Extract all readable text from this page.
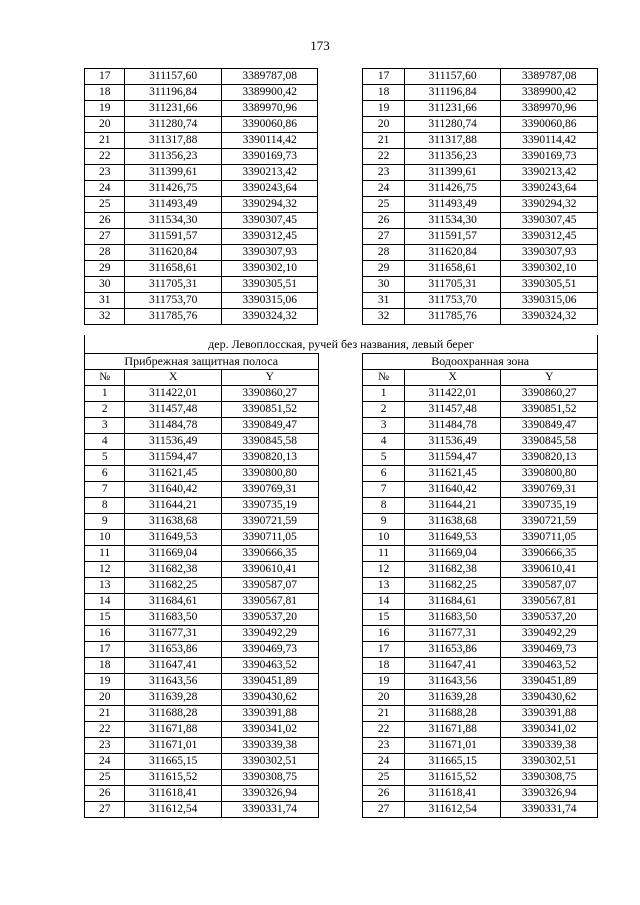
173
17	311157,60	3389787,08		17	311157,60	3389787,08
18	311196,84	3389900,42		18	311196,84	3389900,42
19	311231,66	3389970,96		19	311231,66	3389970,96
20	311280,74	3390060,86		20	311280,74	3390060,86
21	311317,88	3390114,42		21	311317,88	3390114,42
22	311356,23	3390169,73		22	311356,23	3390169,73
23	311399,61	3390213,42		23	311399,61	3390213,42
24	311426,75	3390243,64		24	311426,75	3390243,64
25	311493,49	3390294,32		25	311493,49	3390294,32
26	311534,30	3390307,45		26	311534,30	3390307,45
27	311591,57	3390312,45		27	311591,57	3390312,45
28	311620,84	3390307,93		28	311620,84	3390307,93
29	311658,61	3390302,10		29	311658,61	3390302,10
30	311705,31	3390305,51		30	311705,31	3390305,51
31	311753,70	3390315,06		31	311753,70	3390315,06
32	311785,76	3390324,32		32	311785,76	3390324,32
дер. Левоплосская, ручей без названия, левый берег
Прибрежная защитная полоса				Водоохранная зона		
№	X	Y		№	X	Y
1	311422,01	3390860,27		1	311422,01	3390860,27
2	311457,48	3390851,52		2	311457,48	3390851,52
3	311484,78	3390849,47		3	311484,78	3390849,47
4	311536,49	3390845,58		4	311536,49	3390845,58
5	311594,47	3390820,13		5	311594,47	3390820,13
6	311621,45	3390800,80		6	311621,45	3390800,80
7	311640,42	3390769,31		7	311640,42	3390769,31
8	311644,21	3390735,19		8	311644,21	3390735,19
9	311638,68	3390721,59		9	311638,68	3390721,59
10	311649,53	3390711,05		10	311649,53	3390711,05
11	311669,04	3390666,35		11	311669,04	3390666,35
12	311682,38	3390610,41		12	311682,38	3390610,41
13	311682,25	3390587,07		13	311682,25	3390587,07
14	311684,61	3390567,81		14	311684,61	3390567,81
15	311683,50	3390537,20		15	311683,50	3390537,20
16	311677,31	3390492,29		16	311677,31	3390492,29
17	311653,86	3390469,73		17	311653,86	3390469,73
18	311647,41	3390463,52		18	311647,41	3390463,52
19	311643,56	3390451,89		19	311643,56	3390451,89
20	311639,28	3390430,62		20	311639,28	3390430,62
21	311688,28	3390391,88		21	311688,28	3390391,88
22	311671,88	3390341,02		22	311671,88	3390341,02
23	311671,01	3390339,38		23	311671,01	3390339,38
24	311665,15	3390302,51		24	311665,15	3390302,51
25	311615,52	3390308,75		25	311615,52	3390308,75
26	311618,41	3390326,94		26	311618,41	3390326,94
27	311612,54	3390331,74		27	311612,54	3390331,74
